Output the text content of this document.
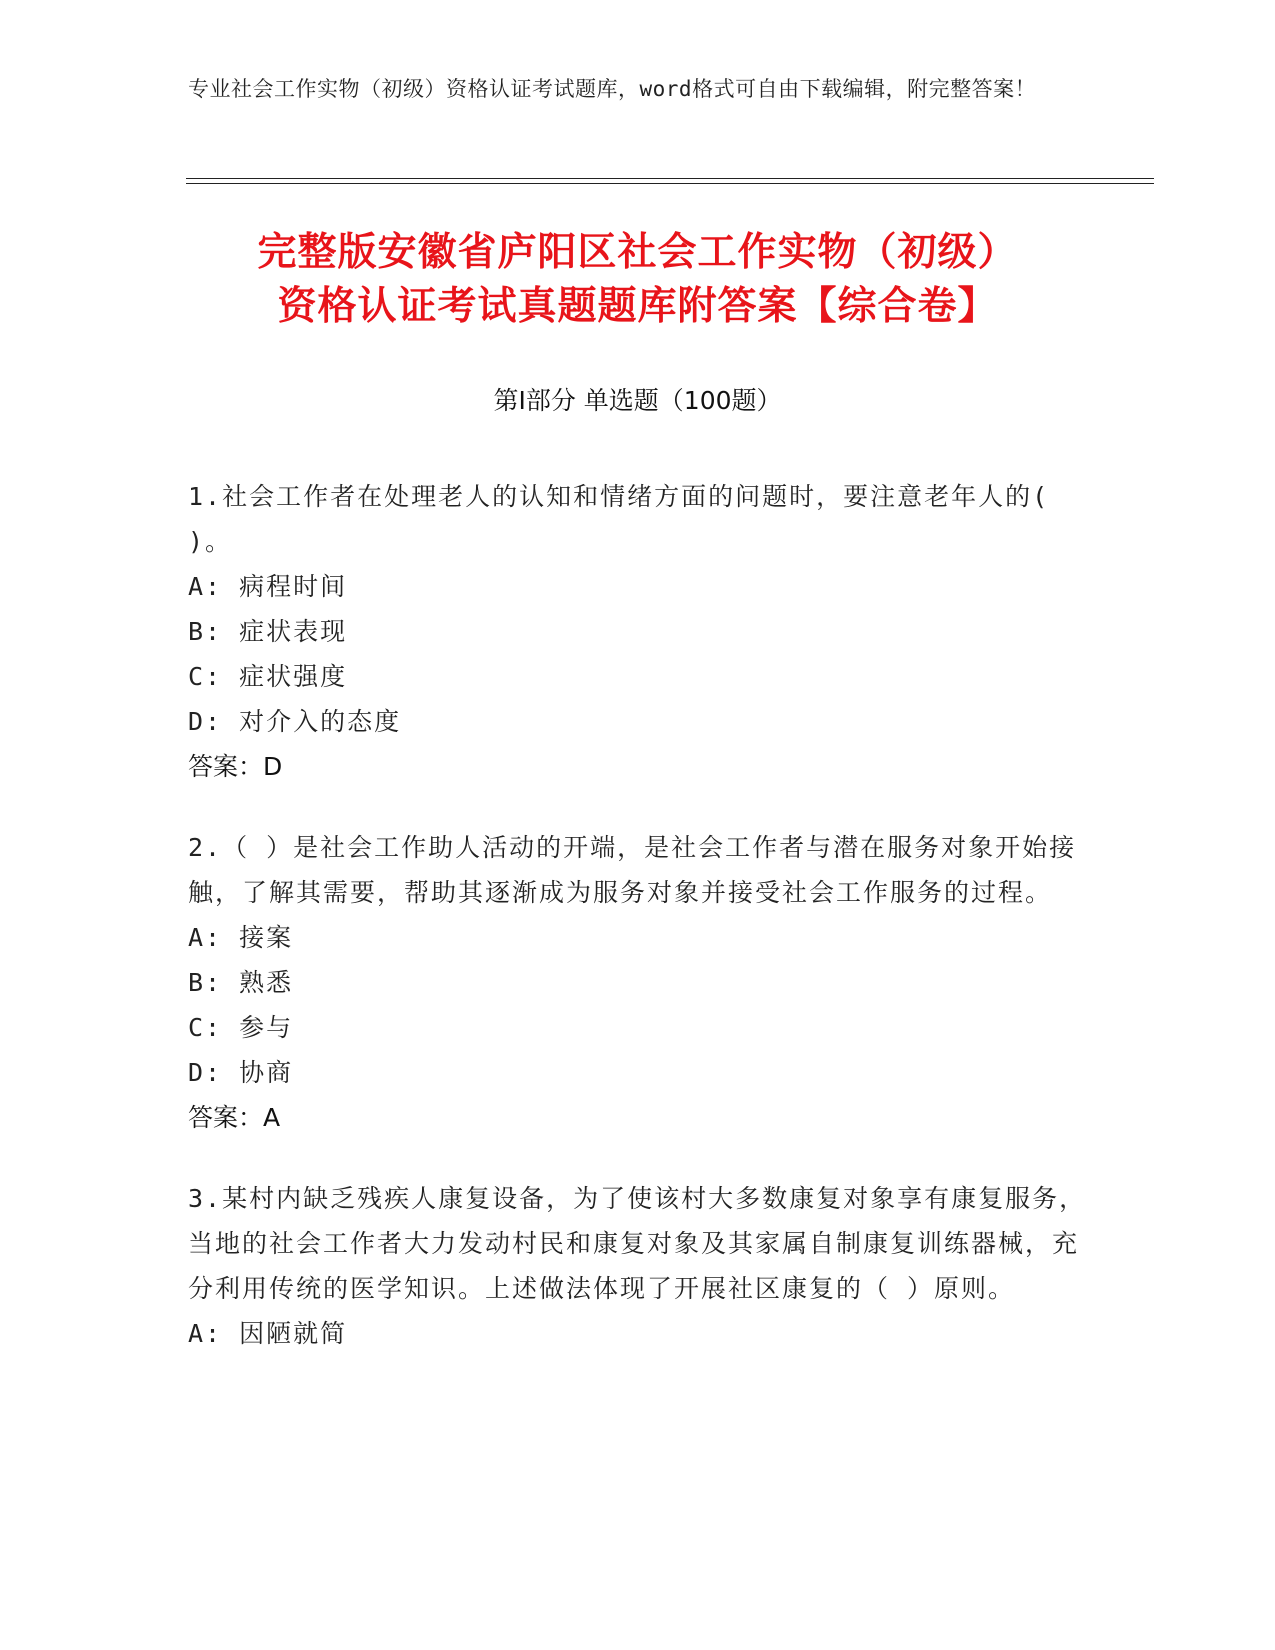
专业社会工作实物（初级）资格认证考试题库，word格式可自由下载编辑，附完整答案！
完整版安徽省庐阳区社会工作实物（初级）
资格认证考试真题题库附答案【综合卷】
第Ⅰ部分 单选题（100题）
1.社会工作者在处理老人的认知和情绪方面的问题时，要注意老年人的( )。
A: 病程时间
B: 症状表现
C: 症状强度
D: 对介入的态度
答案：D
2.（ ）是社会工作助人活动的开端，是社会工作者与潜在服务对象开始接触，了解其需要，帮助其逐渐成为服务对象并接受社会工作服务的过程。
A: 接案
B: 熟悉
C: 参与
D: 协商
答案：A
3.某村内缺乏残疾人康复设备，为了使该村大多数康复对象享有康复服务，当地的社会工作者大力发动村民和康复对象及其家属自制康复训练器械，充分利用传统的医学知识。上述做法体现了开展社区康复的（ ）原则。
A: 因陋就简
